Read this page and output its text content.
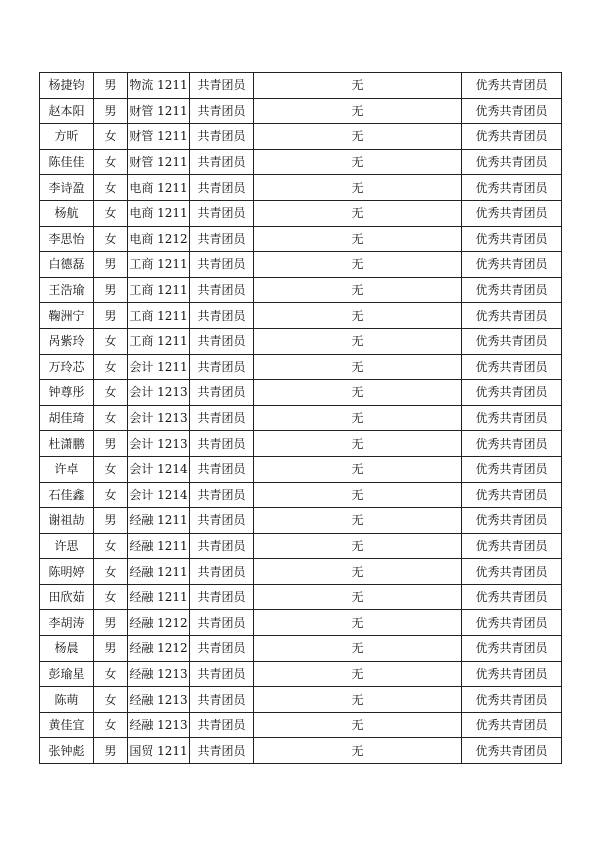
杨捷钧	男	物流 1211	共青团员	无	优秀共青团员
赵本阳	男	财管 1211	共青团员	无	优秀共青团员
方昕	女	财管 1211	共青团员	无	优秀共青团员
陈佳佳	女	财管 1211	共青团员	无	优秀共青团员
李诗盈	女	电商 1211	共青团员	无	优秀共青团员
杨航	女	电商 1211	共青团员	无	优秀共青团员
李思怡	女	电商 1212	共青团员	无	优秀共青团员
白德磊	男	工商 1211	共青团员	无	优秀共青团员
王浩瑜	男	工商 1211	共青团员	无	优秀共青团员
鞠洲宁	男	工商 1211	共青团员	无	优秀共青团员
呙紫玲	女	工商 1211	共青团员	无	优秀共青团员
万玲芯	女	会计 1211	共青团员	无	优秀共青团员
钟尊彤	女	会计 1213	共青团员	无	优秀共青团员
胡佳琦	女	会计 1213	共青团员	无	优秀共青团员
杜潇鹏	男	会计 1213	共青团员	无	优秀共青团员
许卓	女	会计 1214	共青团员	无	优秀共青团员
石佳鑫	女	会计 1214	共青团员	无	优秀共青团员
谢祖劼	男	经融 1211	共青团员	无	优秀共青团员
许思	女	经融 1211	共青团员	无	优秀共青团员
陈明婷	女	经融 1211	共青团员	无	优秀共青团员
田欣茹	女	经融 1211	共青团员	无	优秀共青团员
李胡涛	男	经融 1212	共青团员	无	优秀共青团员
杨晨	男	经融 1212	共青团员	无	优秀共青团员
彭瑜星	女	经融 1213	共青团员	无	优秀共青团员
陈萌	女	经融 1213	共青团员	无	优秀共青团员
黄佳宜	女	经融 1213	共青团员	无	优秀共青团员
张钟彪	男	国贸 1211	共青团员	无	优秀共青团员
